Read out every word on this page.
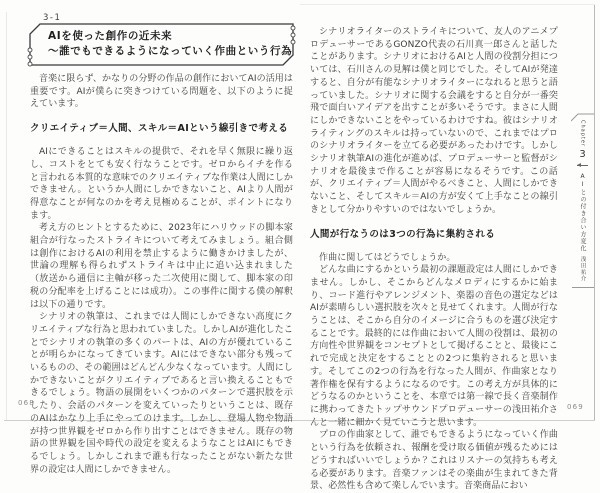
3-1
AIを使った創作の近未来
〜誰でもできるようになっていく作曲という行為

音楽に限らず、かなりの分野の作品の創作においてAIの活用は重要です。AIが僕らに突きつけている問題を、以下のように捉えています。

クリエイティブ＝人間、スキル＝AIという線引きで考える

AIにできることはスキルの提供で、それを早く無限に繰り返し、コストをとても安く行なうことです。ゼロからイチを作ると言われる本質的な意味でのクリエイティブな作業は人間にしかできません。というか人間にしかできないこと、AIより人間が得意なことが何なのかを考え見極めることが、ポイントになります。

考え方のヒントとするために、2023年にハリウッドの脚本家組合が行なったストライキについて考えてみましょう。組合側は創作におけるAIの利用を禁止するように働きかけましたが、世論の理解も得られずストライキは中止に追い込まれました（放送から通信に主軸が移った二次使用に関して、脚本家の印税の分配率を上げることには成功）。この事件に関する僕の解釈は以下の通りです。

シナリオの執筆は、これまでは人間にしかできない高度にクリエイティブな行為と思われていました。しかしAIが進化したことでシナリオの執筆の多くのパートは、AIの方が優れていることが明らかになってきています。AIにはできない部分も残っているものの、その範囲はどんどん少なくなっています。人間にしかできないことがクリエイティブであると言い換えることもできるでしょう。物語の展開をいくつかのパターンで選択肢を示したり、会話のパターンを変えていったりということは、既存のAIはかなり上手にやってのけます。しかし、登場人物や物語が持つ世界観をゼロから作り出すことはできません。既存の物語の世界観を国や時代の設定を変えるようなことはAIにもできるでしょう。しかしこれまで誰も行なったことがない新たな世界の設定は人間にしかできません。

シナリオライターのストライキについて、友人のアニメプロデューサーであるGONZO代表の石川真一郎さんと話したことがあります。シナリオにおけるAIと人間の役割分担については、石川さんの見解は僕と同じでした。そしてAIが発達すると、自分が有能なシナリオライターになれると思うと語っていました。シナリオに関する会議をすると自分が一番突飛で面白いアイデアを出すことが多いそうです。まさに人間にしかできないことをやっているわけですね。彼はシナリオライティングのスキルは持っていないので、これまではプロのシナリオライターを立てる必要があったわけです。しかしシナリオ執筆AIの進化が進めば、プロデューサーと監督がシナリオを最後まで作ることが容易になるそうです。この話が、クリエイティブ＝人間がやるべきこと、人間にしかできないこと、そしてスキル＝AIの方が安くて上手なことの線引きとして分かりやすいのではないでしょうか。

人間が行なうのは3つの行為に集約される

作曲に関してはどうでしょうか。

どんな曲にするかという最初の課題設定は人間にしかできません。しかし、そこからどんなメロディにするかに始まり、コード進行やアレンジメント、楽器の音色の選定などはAIが素晴らしい選択肢を次々と見せてくれます。人間が行なうことは、そこから自分のイメージに合うものを選び決定することです。最終的には作曲において人間の役割は、最初の方向性や世界観をコンセプトとして掲げることと、最後にこれで完成と決定をすることとの2つに集約されると思います。そしてこの2つの行為を行なった人間が、作曲家となり著作権を保有するようになるのです。この考え方が具体的にどうなるのかということを、本章では第一線で長く音楽制作に携わってきたトップサウンドプロデューサーの浅田祐介さんと一緒に細かく見ていこうと思います。

プロの作曲家として、誰でもできるようになっていく作曲という行為を依頼され、報酬を受け取る価値が残るためにはどうすればいいでしょうか？これはリスナーの気持ちも考える必要があります。音楽ファンはその楽曲が生まれてきた背景、必然性も含めて楽しんでいます。音楽商品におい

Chapter
3
AIとの付き合い方変化
浅田祐介
068	069
